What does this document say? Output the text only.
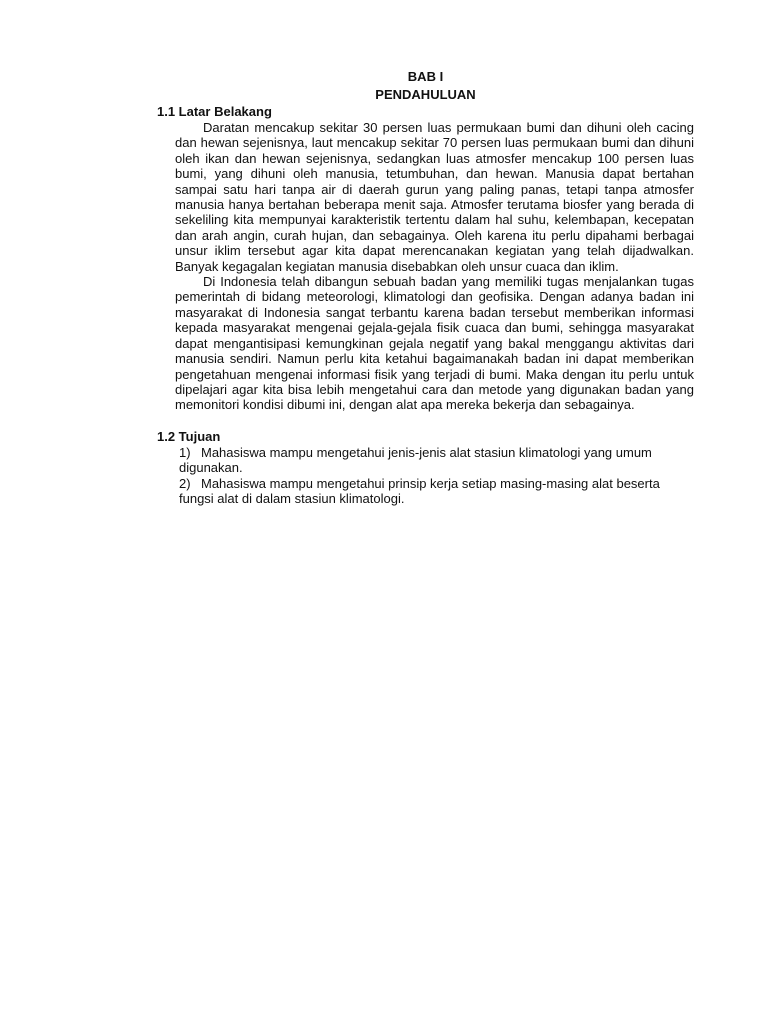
BAB I
PENDAHULUAN
1.1 Latar Belakang

Daratan mencakup sekitar 30 persen luas permukaan bumi dan dihuni oleh cacing dan hewan sejenisnya, laut mencakup sekitar 70 persen luas permukaan bumi dan dihuni oleh ikan dan hewan sejenisnya, sedangkan luas atmosfer mencakup 100 persen luas bumi, yang dihuni oleh manusia, tetumbuhan, dan hewan. Manusia dapat bertahan sampai satu hari tanpa air di daerah gurun yang paling panas, tetapi tanpa atmosfer manusia hanya bertahan beberapa menit saja. Atmosfer terutama biosfer yang berada di sekeliling kita mempunyai karakteristik tertentu dalam hal suhu, kelembapan, kecepatan dan arah angin, curah hujan, dan sebagainya. Oleh karena itu perlu dipahami berbagai unsur iklim tersebut agar kita dapat merencanakan kegiatan yang telah dijadwalkan. Banyak kegagalan kegiatan manusia disebabkan oleh unsur cuaca dan iklim.

Di Indonesia telah dibangun sebuah badan yang memiliki tugas menjalankan tugas pemerintah di bidang meteorologi, klimatologi dan geofisika. Dengan adanya badan ini masyarakat di Indonesia sangat terbantu karena badan tersebut memberikan informasi kepada masyarakat mengenai gejala-gejala fisik cuaca dan bumi, sehingga masyarakat dapat mengantisipasi kemungkinan gejala negatif yang bakal menggangu aktivitas dari manusia sendiri. Namun perlu kita ketahui bagaimanakah badan ini dapat memberikan pengetahuan mengenai informasi fisik yang terjadi di bumi. Maka dengan itu perlu untuk dipelajari agar kita bisa lebih mengetahui cara dan metode yang digunakan badan yang memonitori kondisi dibumi ini, dengan alat apa mereka bekerja dan sebagainya.

1.2 Tujuan
1) Mahasiswa mampu mengetahui jenis-jenis alat stasiun klimatologi yang umum digunakan.
2) Mahasiswa mampu mengetahui prinsip kerja setiap masing-masing alat beserta fungsi alat di dalam stasiun klimatologi.
